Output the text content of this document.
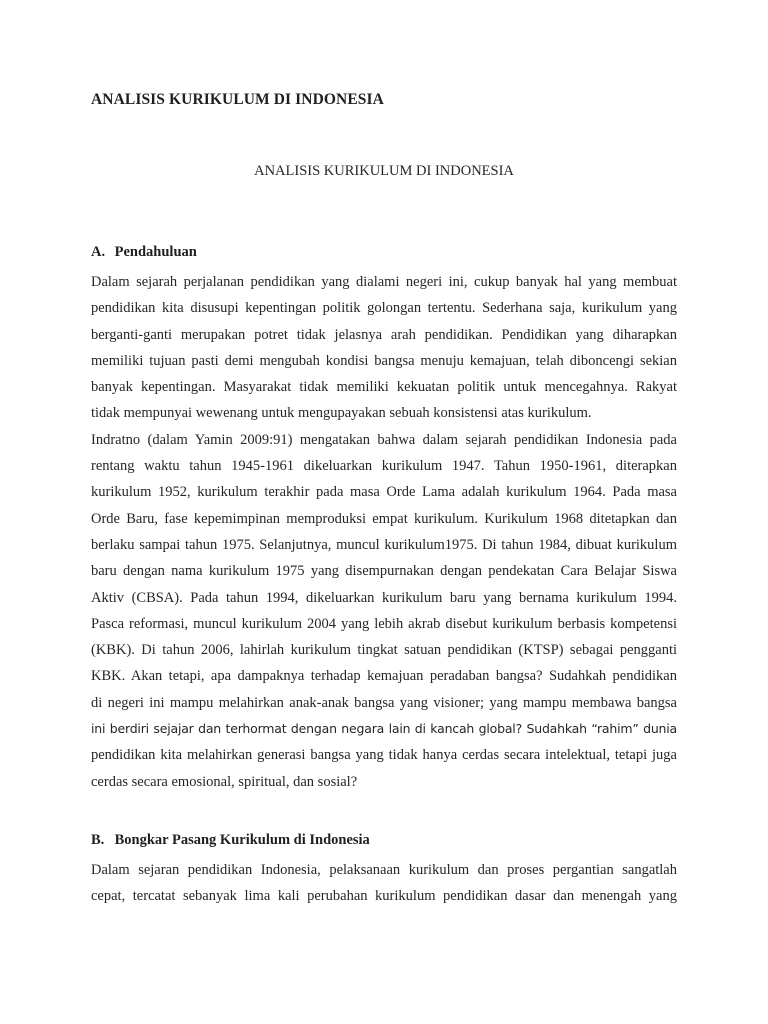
ANALISIS KURIKULUM DI INDONESIA

ANALISIS KURIKULUM DI INDONESIA

A. Pendahuluan
Dalam sejarah perjalanan pendidikan yang dialami negeri ini, cukup banyak hal yang membuat
pendidikan kita disusupi kepentingan politik golongan tertentu. Sederhana saja, kurikulum yang
berganti-ganti merupakan potret tidak jelasnya arah pendidikan. Pendidikan yang diharapkan
memiliki tujuan pasti demi mengubah kondisi bangsa menuju kemajuan, telah diboncengi sekian
banyak kepentingan. Masyarakat tidak memiliki kekuatan politik untuk mencegahnya. Rakyat
tidak mempunyai wewenang untuk mengupayakan sebuah konsistensi atas kurikulum.
Indratno (dalam Yamin 2009:91) mengatakan bahwa dalam sejarah pendidikan Indonesia pada
rentang waktu tahun 1945-1961 dikeluarkan kurikulum 1947. Tahun 1950-1961, diterapkan
kurikulum 1952, kurikulum terakhir pada masa Orde Lama adalah kurikulum 1964. Pada masa
Orde Baru, fase kepemimpinan memproduksi empat kurikulum. Kurikulum 1968 ditetapkan dan
berlaku sampai tahun 1975. Selanjutnya, muncul kurikulum1975. Di tahun 1984, dibuat kurikulum
baru dengan nama kurikulum 1975 yang disempurnakan dengan pendekatan Cara Belajar Siswa
Aktiv (CBSA). Pada tahun 1994, dikeluarkan kurikulum baru yang bernama kurikulum 1994.
Pasca reformasi, muncul kurikulum 2004 yang lebih akrab disebut kurikulum berbasis kompetensi
(KBK). Di tahun 2006, lahirlah kurikulum tingkat satuan pendidikan (KTSP) sebagai pengganti
KBK. Akan tetapi, apa dampaknya terhadap kemajuan peradaban bangsa? Sudahkah pendidikan
di negeri ini mampu melahirkan anak-anak bangsa yang visioner; yang mampu membawa bangsa
ini berdiri sejajar dan terhormat dengan negara lain di kancah global? Sudahkah “rahim” dunia
pendidikan kita melahirkan generasi bangsa yang tidak hanya cerdas secara intelektual, tetapi juga
cerdas secara emosional, spiritual, dan sosial?
B. Bongkar Pasang Kurikulum di Indonesia
Dalam sejaran pendidikan Indonesia, pelaksanaan kurikulum dan proses pergantian sangatlah
cepat, tercatat sebanyak lima kali perubahan kurikulum pendidikan dasar dan menengah yang
